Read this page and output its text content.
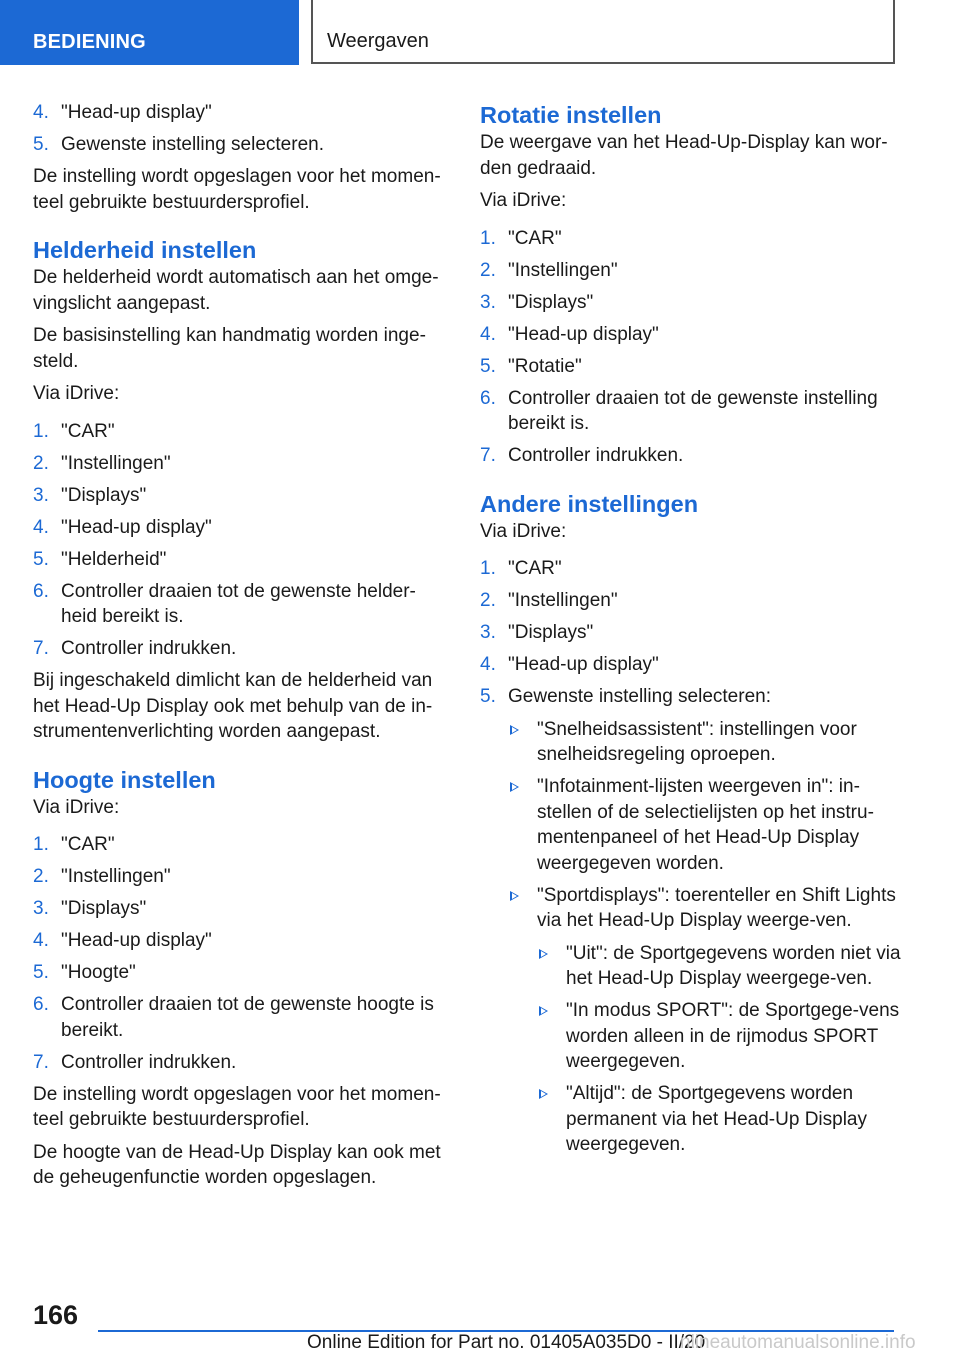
BEDIENING	Weergaven
4. "Head-up display"
5. Gewenste instelling selecteren.

De instelling wordt opgeslagen voor het momen-teel gebruikte bestuurdersprofiel.

Helderheid instellen

De helderheid wordt automatisch aan het omge-vingslicht aangepast.

De basisinstelling kan handmatig worden inge-steld.

Via iDrive:

1. "CAR"
2. "Instellingen"
3. "Displays"
4. "Head-up display"
5. "Helderheid"
6. Controller draaien tot de gewenste helder-heid bereikt is.
7. Controller indrukken.

Bij ingeschakeld dimlicht kan de helderheid van het Head-Up Display ook met behulp van de in-strumentenverlichting worden aangepast.

Hoogte instellen

Via iDrive:

1. "CAR"
2. "Instellingen"
3. "Displays"
4. "Head-up display"
5. "Hoogte"
6. Controller draaien tot de gewenste hoogte is bereikt.
7. Controller indrukken.

De instelling wordt opgeslagen voor het momen-teel gebruikte bestuurdersprofiel.

De hoogte van de Head-Up Display kan ook met de geheugenfunctie worden opgeslagen.

Rotatie instellen

De weergave van het Head-Up-Display kan wor-den gedraaid.

Via iDrive:

1. "CAR"
2. "Instellingen"
3. "Displays"
4. "Head-up display"
5. "Rotatie"
6. Controller draaien tot de gewenste instelling bereikt is.
7. Controller indrukken.
Andere instellingen

Via iDrive:

1. "CAR"
2. "Instellingen"
3. "Displays"
4. "Head-up display"
5. Gewenste instelling selecteren:
"Snelheidsassistent": instellingen voor snelheidsregeling oproepen.
"Infotainment-lijsten weergeven in": in-stellen of de selectielijsten op het instru-mentenpaneel of het Head-Up Display weergegeven worden.
"Sportdisplays": toerenteller en Shift Lights via het Head-Up Display weerge-ven.
"Uit": de Sportgegevens worden niet via het Head-Up Display weergege-ven.
"In modus SPORT": de Sportgege-vens worden alleen in de rijmodus SPORT weergegeven.
"Altijd": de Sportgegevens worden permanent via het Head-Up Display weergegeven.
166
Online Edition for Part no. 01405A035D0 - II/20
nlineautomanualsonline.info
